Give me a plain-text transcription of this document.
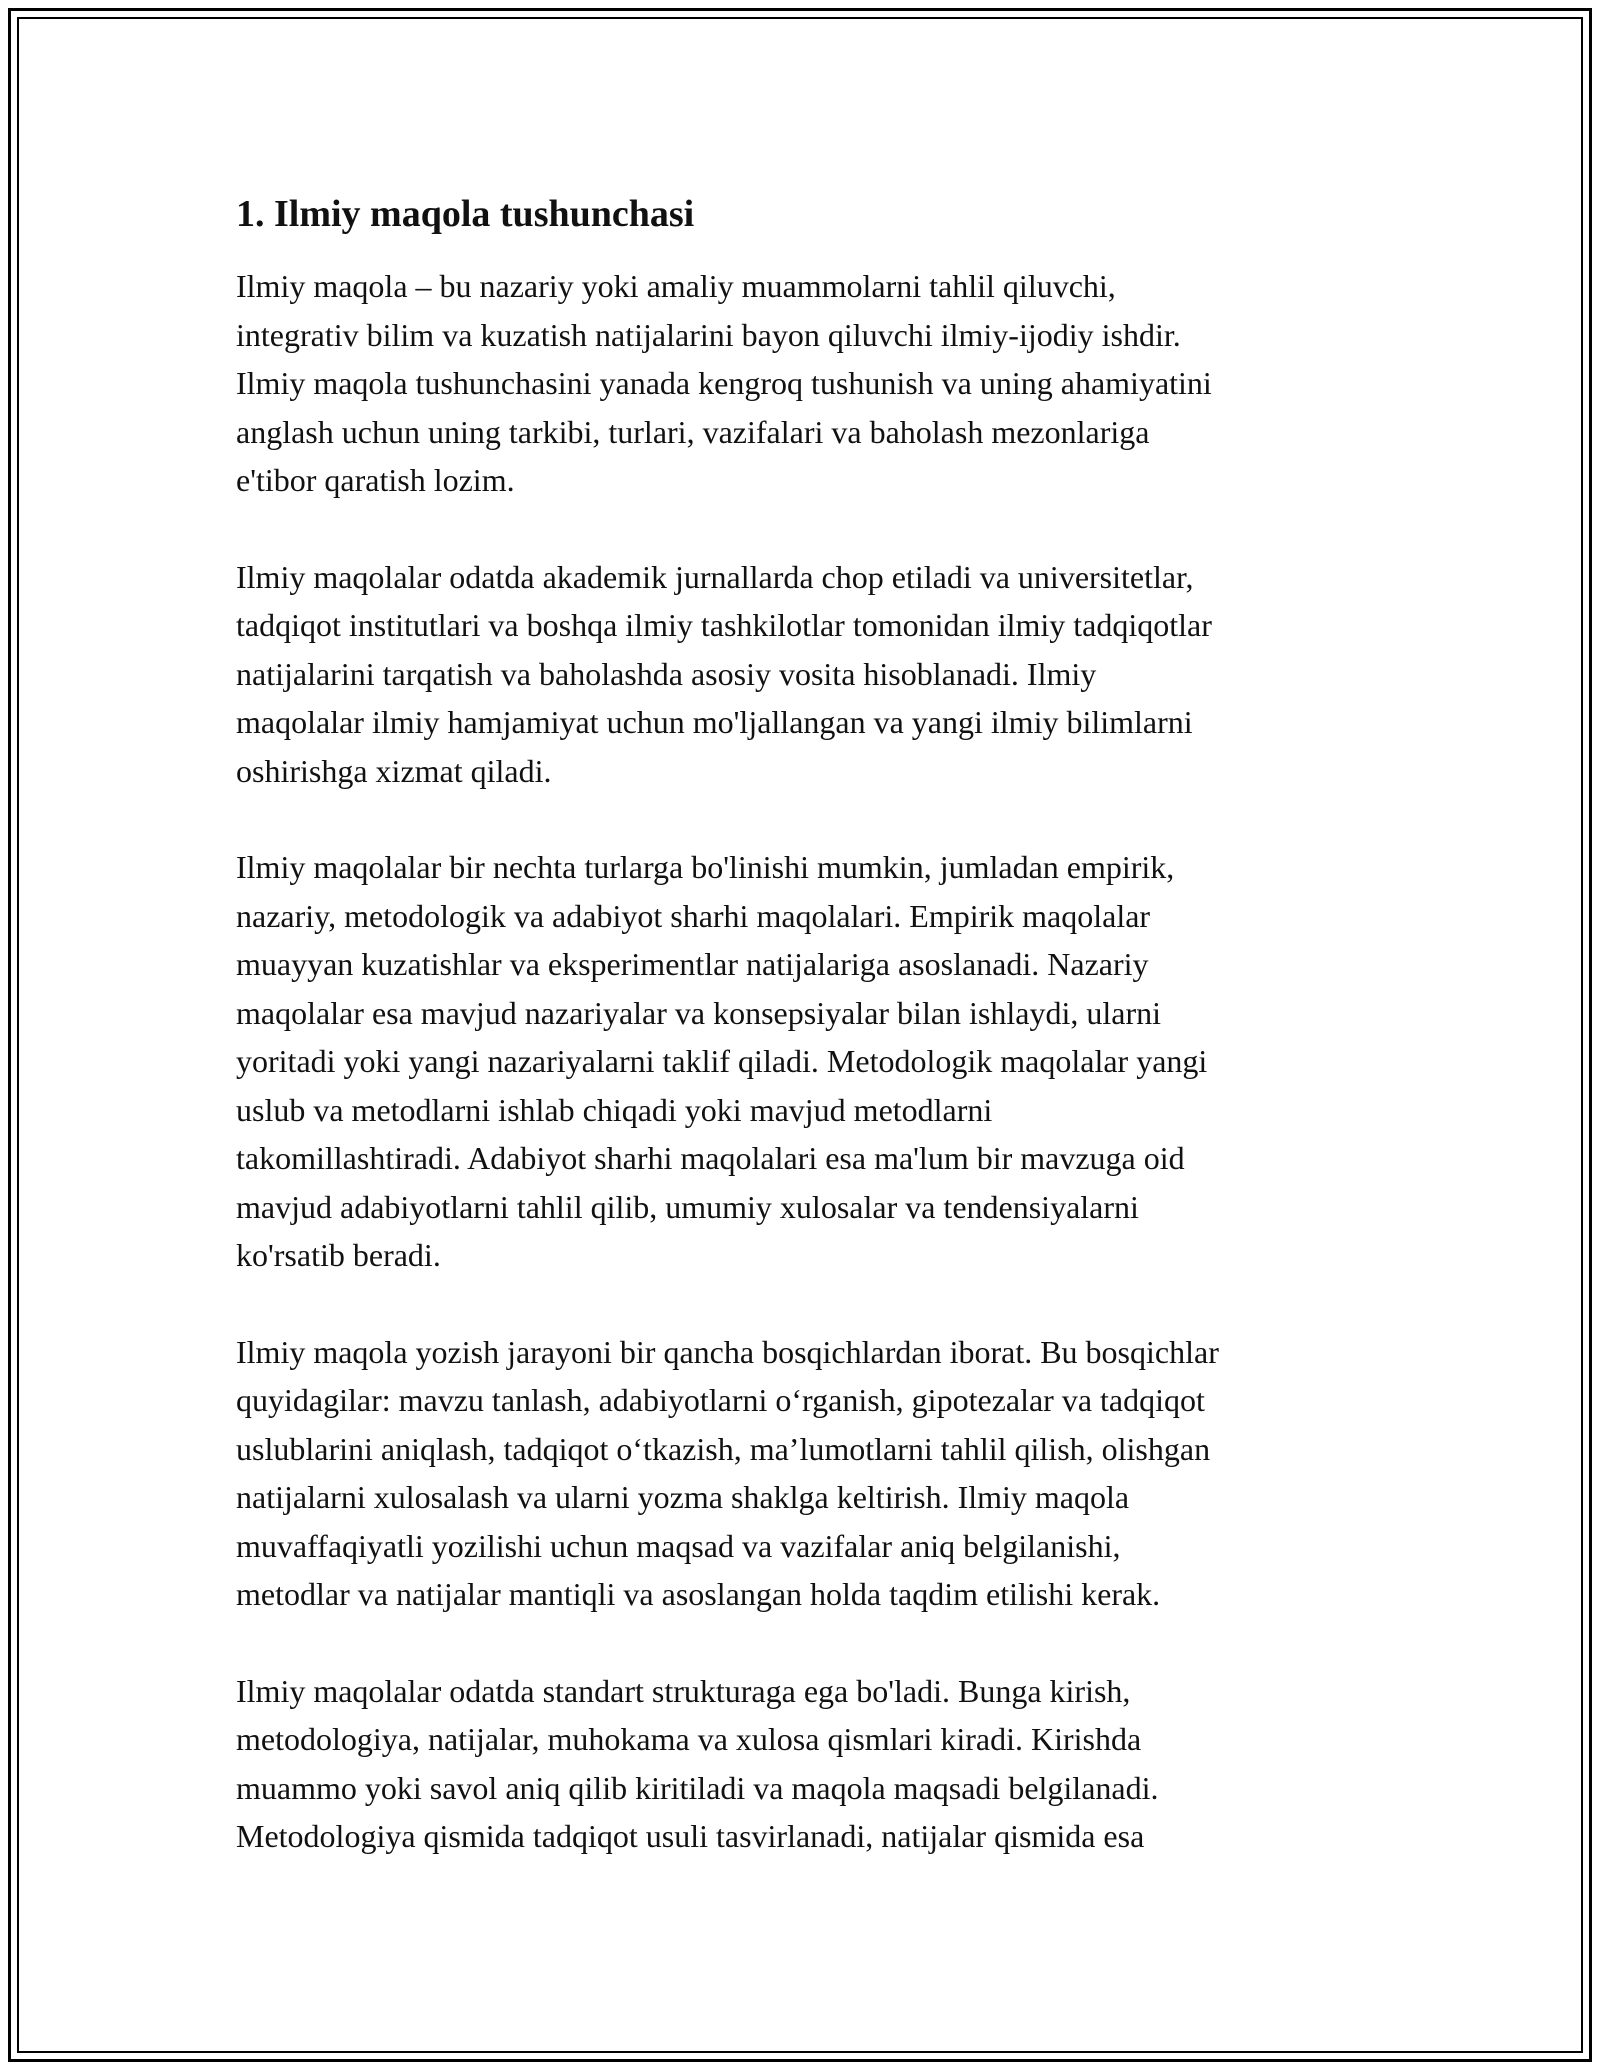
1. Ilmiy maqola tushunchasi

Ilmiy maqola – bu nazariy yoki amaliy muammolarni tahlil qiluvchi,
integrativ bilim va kuzatish natijalarini bayon qiluvchi ilmiy-ijodiy ishdir.
Ilmiy maqola tushunchasini yanada kengroq tushunish va uning ahamiyatini
anglash uchun uning tarkibi, turlari, vazifalari va baholash mezonlariga
e'tibor qaratish lozim.

Ilmiy maqolalar odatda akademik jurnallarda chop etiladi va universitetlar,
tadqiqot institutlari va boshqa ilmiy tashkilotlar tomonidan ilmiy tadqiqotlar
natijalarini tarqatish va baholashda asosiy vosita hisoblanadi. Ilmiy
maqolalar ilmiy hamjamiyat uchun mo'ljallangan va yangi ilmiy bilimlarni
oshirishga xizmat qiladi.

Ilmiy maqolalar bir nechta turlarga bo'linishi mumkin, jumladan empirik,
nazariy, metodologik va adabiyot sharhi maqolalari. Empirik maqolalar
muayyan kuzatishlar va eksperimentlar natijalariga asoslanadi. Nazariy
maqolalar esa mavjud nazariyalar va konsepsiyalar bilan ishlaydi, ularni
yoritadi yoki yangi nazariyalarni taklif qiladi. Metodologik maqolalar yangi
uslub va metodlarni ishlab chiqadi yoki mavjud metodlarni
takomillashtiradi. Adabiyot sharhi maqolalari esa ma'lum bir mavzuga oid
mavjud adabiyotlarni tahlil qilib, umumiy xulosalar va tendensiyalarni
ko'rsatib beradi.

Ilmiy maqola yozish jarayoni bir qancha bosqichlardan iborat. Bu bosqichlar
quyidagilar: mavzu tanlash, adabiyotlarni o‘rganish, gipotezalar va tadqiqot
uslublarini aniqlash, tadqiqot o‘tkazish, ma’lumotlarni tahlil qilish, olishgan
natijalarni xulosalash va ularni yozma shaklga keltirish. Ilmiy maqola
muvaffaqiyatli yozilishi uchun maqsad va vazifalar aniq belgilanishi,
metodlar va natijalar mantiqli va asoslangan holda taqdim etilishi kerak.

Ilmiy maqolalar odatda standart strukturaga ega bo'ladi. Bunga kirish,
metodologiya, natijalar, muhokama va xulosa qismlari kiradi. Kirishda
muammo yoki savol aniq qilib kiritiladi va maqola maqsadi belgilanadi.
Metodologiya qismida tadqiqot usuli tasvirlanadi, natijalar qismida esa
